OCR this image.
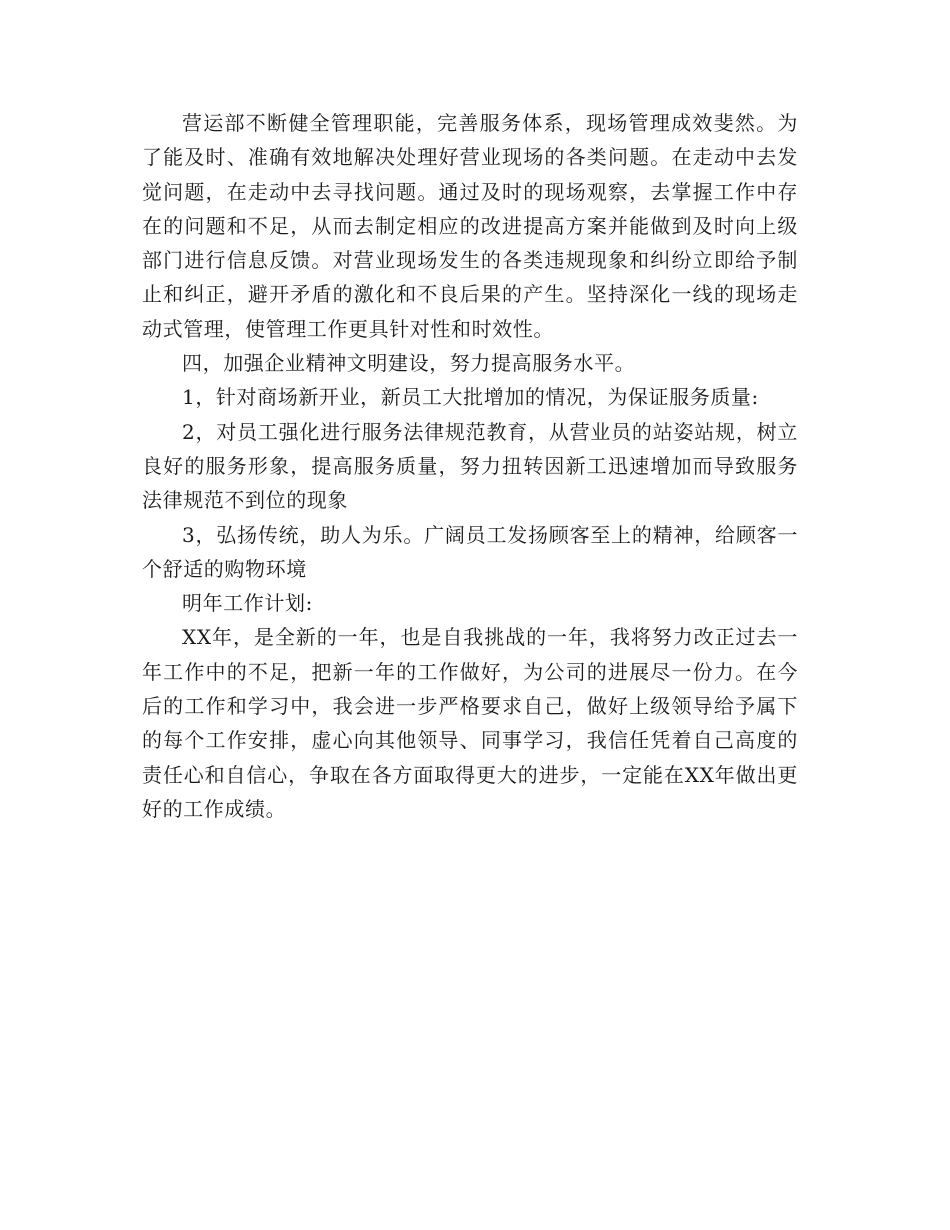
营运部不断健全管理职能，完善服务体系，现场管理成效斐然。为了能及时、准确有效地解决处理好营业现场的各类问题。在走动中去发觉问题，在走动中去寻找问题。通过及时的现场观察，去掌握工作中存在的问题和不足，从而去制定相应的改进提高方案并能做到及时向上级部门进行信息反馈。对营业现场发生的各类违规现象和纠纷立即给予制止和纠正，避开矛盾的激化和不良后果的产生。坚持深化一线的现场走动式管理，使管理工作更具针对性和时效性。

四，加强企业精神文明建设，努力提高服务水平。

1，针对商场新开业，新员工大批增加的情况，为保证服务质量:

2，对员工强化进行服务法律规范教育，从营业员的站姿站规，树立良好的服务形象，提高服务质量，努力扭转因新工迅速增加而导致服务法律规范不到位的现象

3，弘扬传统，助人为乐。广阔员工发扬顾客至上的精神，给顾客一个舒适的购物环境

明年工作计划:

XX年，是全新的一年，也是自我挑战的一年，我将努力改正过去一年工作中的不足，把新一年的工作做好，为公司的进展尽一份力。在今后的工作和学习中，我会进一步严格要求自己，做好上级领导给予属下的每个工作安排，虚心向其他领导、同事学习，我信任凭着自己高度的责任心和自信心，争取在各方面取得更大的进步，一定能在XX年做出更好的工作成绩。
